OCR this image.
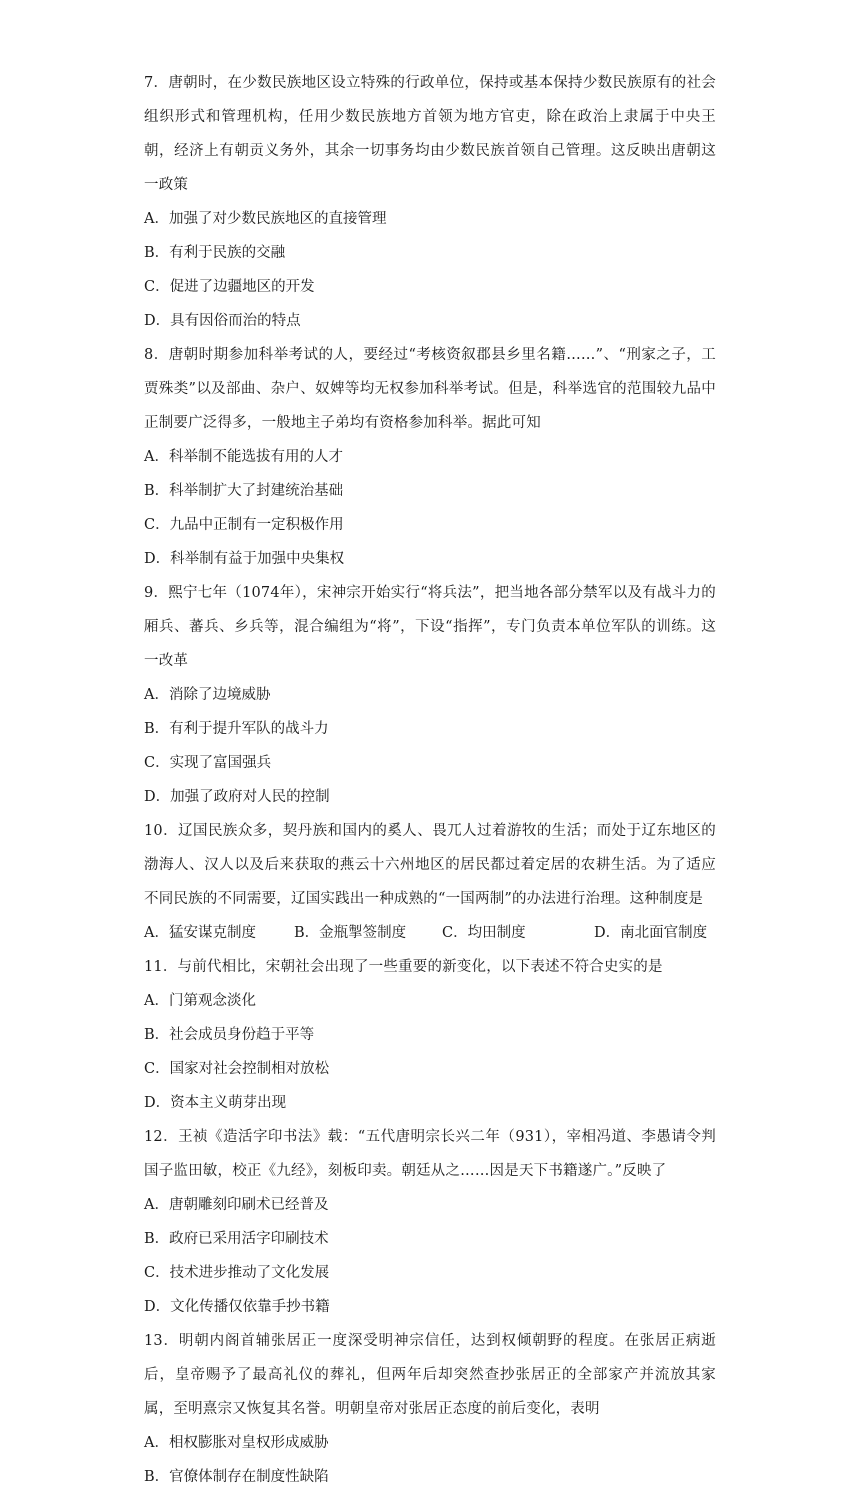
7．唐朝时，在少数民族地区设立特殊的行政单位，保持或基本保持少数民族原有的社会组织形式和管理机构，任用少数民族地方首领为地方官吏，除在政治上隶属于中央王朝，经济上有朝贡义务外，其余一切事务均由少数民族首领自己管理。这反映出唐朝这一政策

A．加强了对少数民族地区的直接管理
B．有利于民族的交融
C．促进了边疆地区的开发
D．具有因俗而治的特点

8．唐朝时期参加科举考试的人，要经过“考核资叙郡县乡里名籍……”、“刑家之子，工贾殊类”以及部曲、杂户、奴婢等均无权参加科举考试。但是，科举选官的范围较九品中正制要广泛得多，一般地主子弟均有资格参加科举。据此可知

A．科举制不能选拔有用的人才
B．科举制扩大了封建统治基础
C．九品中正制有一定积极作用
D．科举制有益于加强中央集权

9．熙宁七年（1074年），宋神宗开始实行“将兵法”，把当地各部分禁军以及有战斗力的厢兵、蕃兵、乡兵等，混合编组为“将”，下设“指挥”，专门负责本单位军队的训练。这一改革

A．消除了边境威胁
B．有利于提升军队的战斗力
C．实现了富国强兵
D．加强了政府对人民的控制

10．辽国民族众多，契丹族和国内的奚人、畏兀人过着游牧的生活；而处于辽东地区的渤海人、汉人以及后来获取的燕云十六州地区的居民都过着定居的农耕生活。为了适应不同民族的不同需要，辽国实践出一种成熟的“一国两制”的办法进行治理。这种制度是

A．猛安谋克制度	B．金瓶掣签制度	C．均田制度	D．南北面官制度

11．与前代相比，宋朝社会出现了一些重要的新变化，以下表述不符合史实的是

A．门第观念淡化
B．社会成员身份趋于平等
C．国家对社会控制相对放松
D．资本主义萌芽出现

12．王祯《造活字印书法》载：“五代唐明宗长兴二年（931），宰相冯道、李愚请令判国子监田敏，校正《九经》，刻板印卖。朝廷从之……因是天下书籍遂广。”反映了

A．唐朝雕刻印刷术已经普及
B．政府已采用活字印刷技术
C．技术进步推动了文化发展
D．文化传播仅依靠手抄书籍

13．明朝内阁首辅张居正一度深受明神宗信任，达到权倾朝野的程度。在张居正病逝后，皇帝赐予了最高礼仪的葬礼，但两年后却突然查抄张居正的全部家产并流放其家属，至明熹宗又恢复其名誉。明朝皇帝对张居正态度的前后变化，表明

A．相权膨胀对皇权形成威胁
B．官僚体制存在制度性缺陷
